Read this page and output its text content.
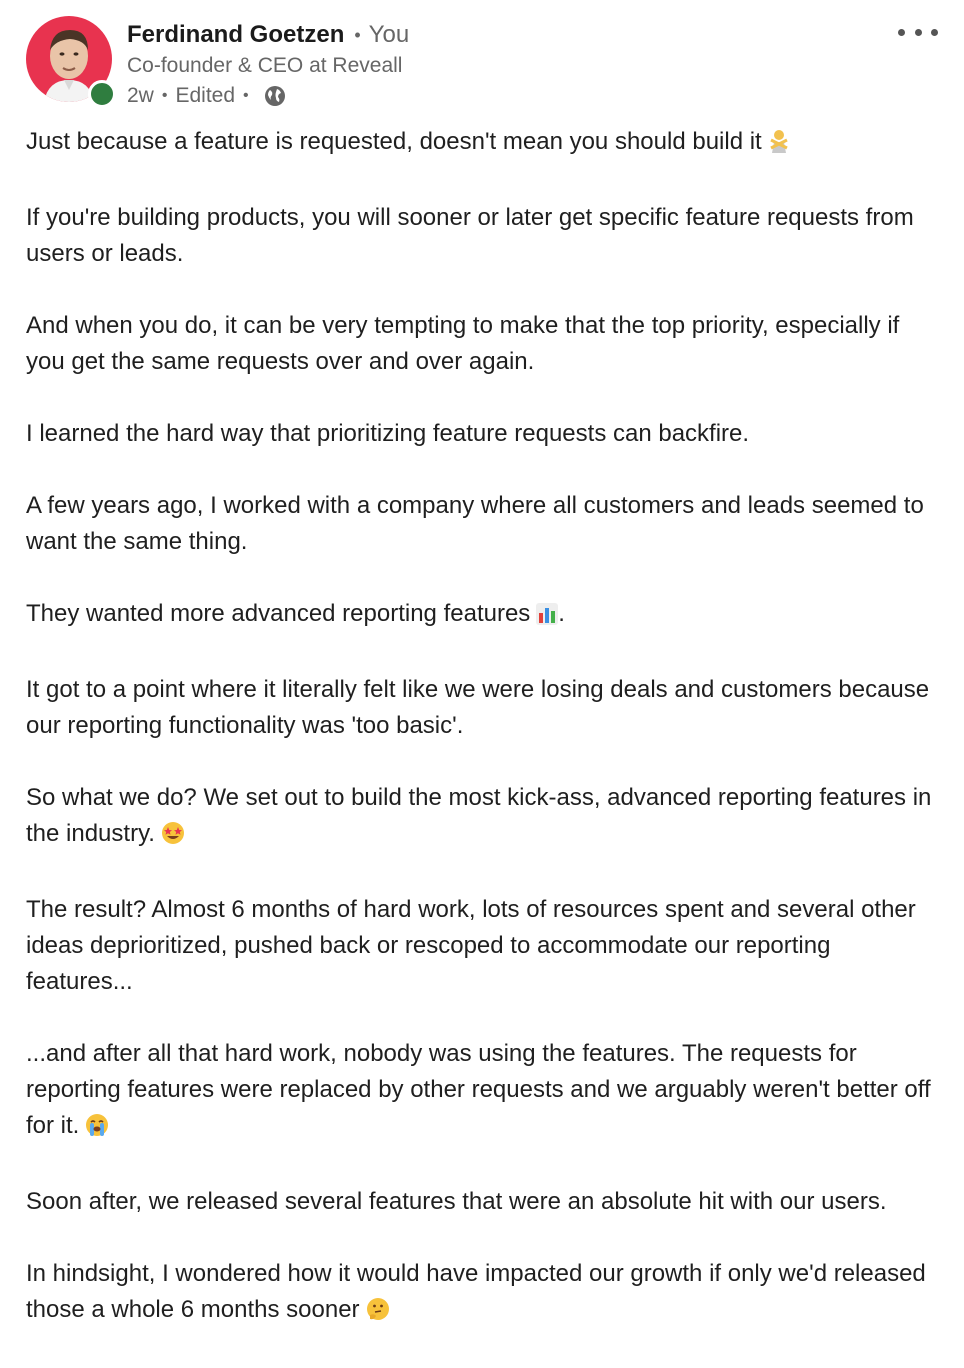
Ferdinand Goetzen • You
Co-founder & CEO at Reveall
2w • Edited •

Just because a feature is requested, doesn't mean you should build it

If you're building products, you will sooner or later get specific feature requests from users or leads.

And when you do, it can be very tempting to make that the top priority, especially if you get the same requests over and over again.

I learned the hard way that prioritizing feature requests can backfire.

A few years ago, I worked with a company where all customers and leads seemed to want the same thing.

They wanted more advanced reporting features .

It got to a point where it literally felt like we were losing deals and customers because our reporting functionality was 'too basic'.

So what we do? We set out to build the most kick-ass, advanced reporting features in the industry.

The result? Almost 6 months of hard work, lots of resources spent and several other ideas deprioritized, pushed back or rescoped to accommodate our reporting features...

...and after all that hard work, nobody was using the features. The requests for reporting features were replaced by other requests and we arguably weren't better off for it.

Soon after, we released several features that were an absolute hit with our users.

In hindsight, I wondered how it would have impacted our growth if only we'd released those a whole 6 months sooner
